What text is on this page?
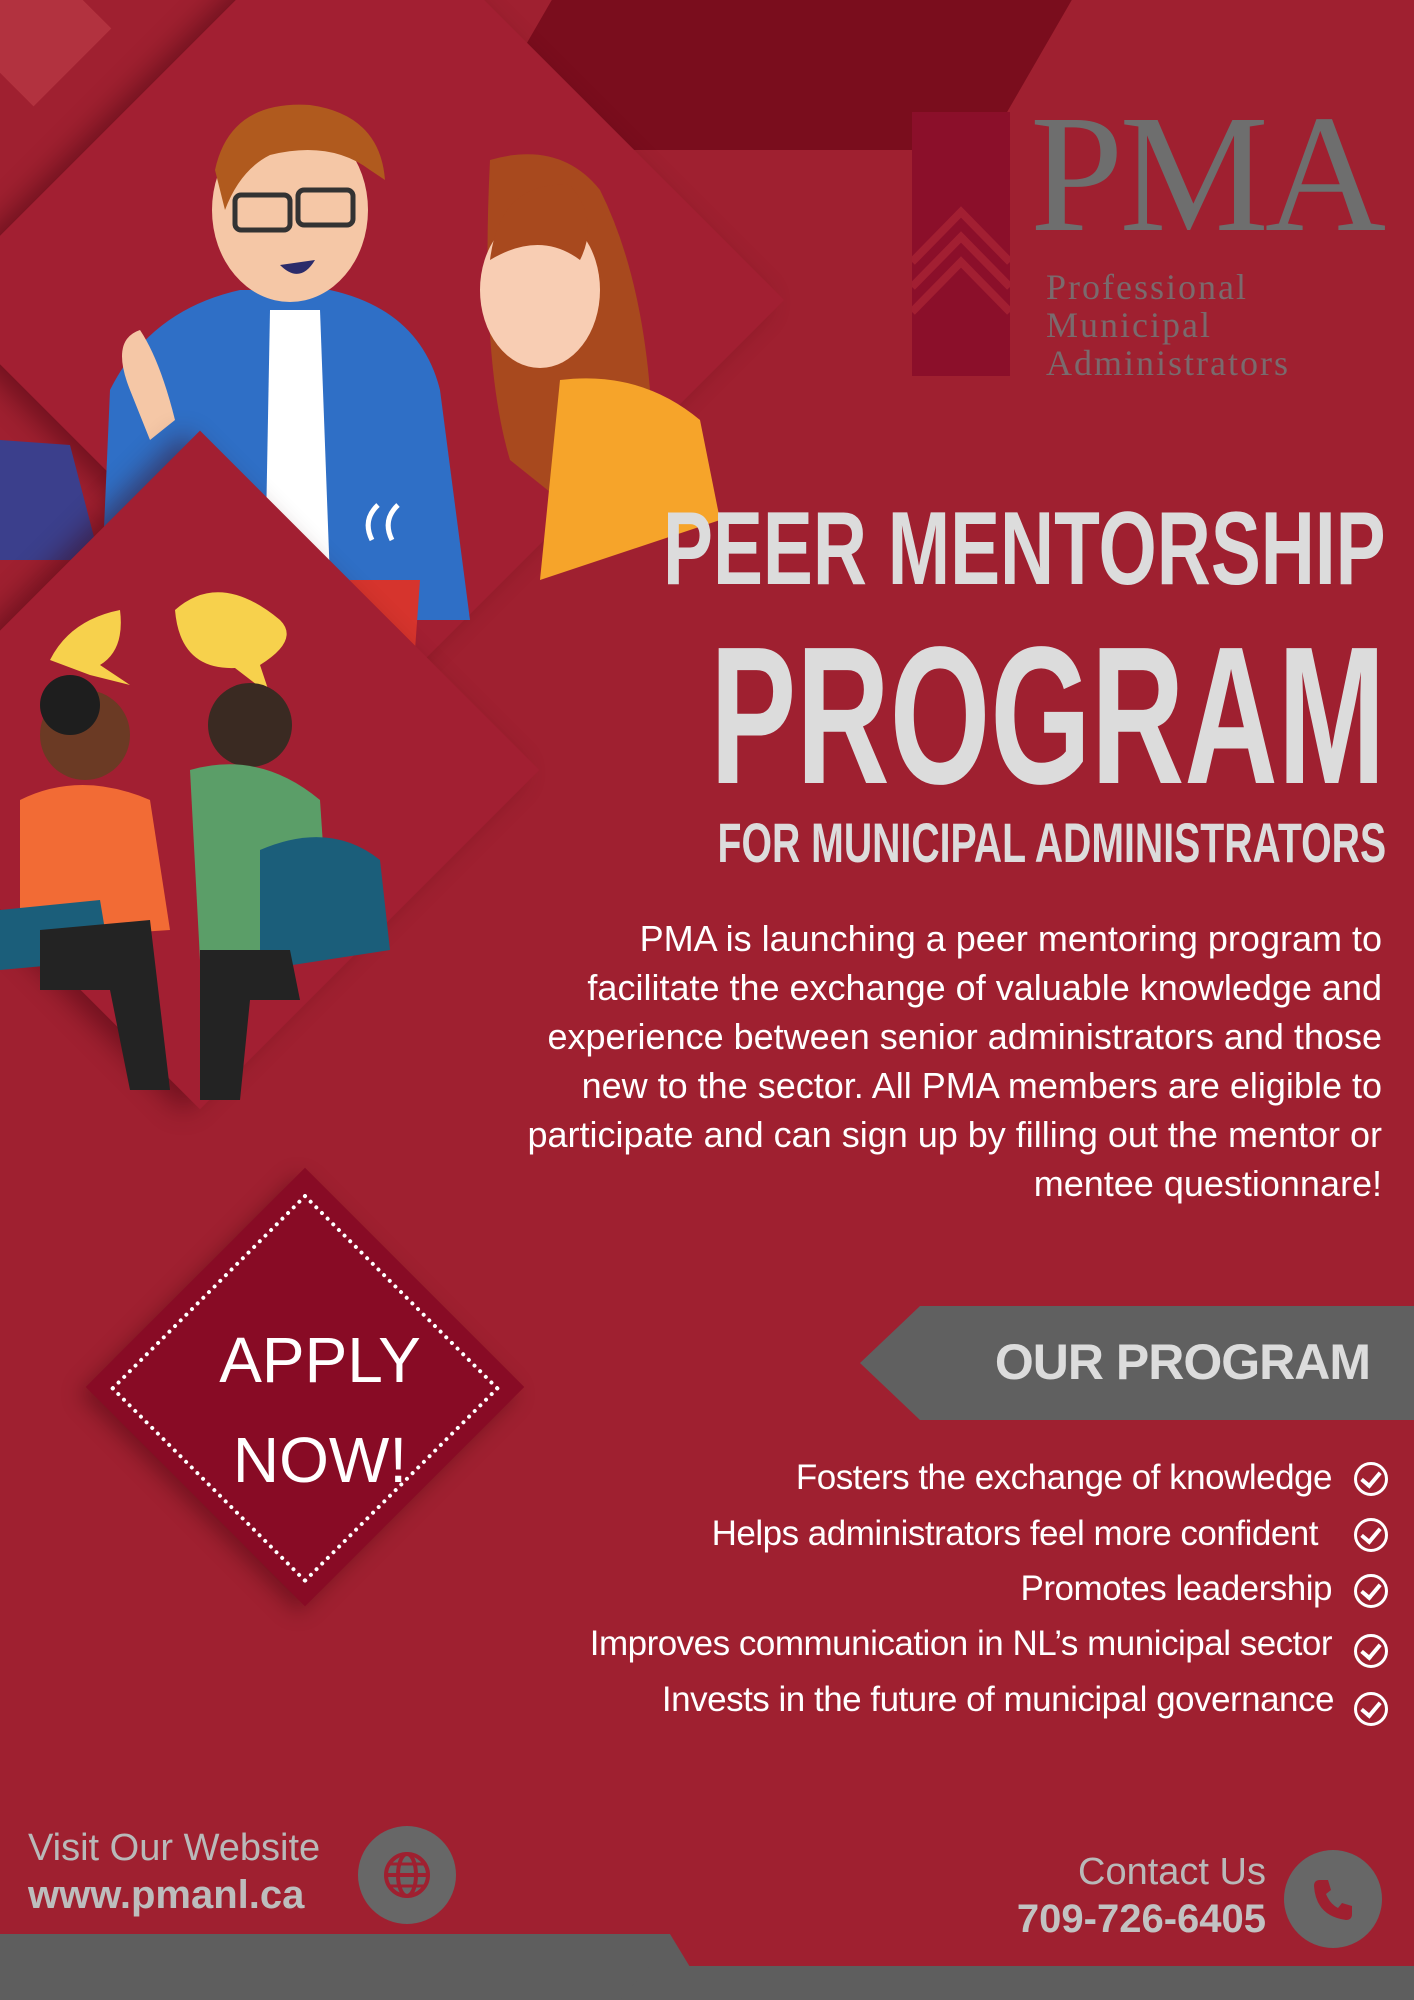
PMA
Professional
Municipal
Administrators
PEER MENTORSHIP
PROGRAM
FOR MUNICIPAL ADMINISTRATORS
PMA is launching a peer mentoring program to facilitate the exchange of valuable knowledge and experience between senior administrators and those new to the sector. All PMA members are eligible to participate and can sign up by filling out the mentor or mentee questionnare!
APPLY
NOW!
OUR PROGRAM
Fosters the exchange of knowledge
Helps administrators feel more confident
Promotes leadership
Improves communication in NL’s municipal sector
Invests in the future of municipal governance
Visit Our Website
www.pmanl.ca
Contact Us
709-726-6405
